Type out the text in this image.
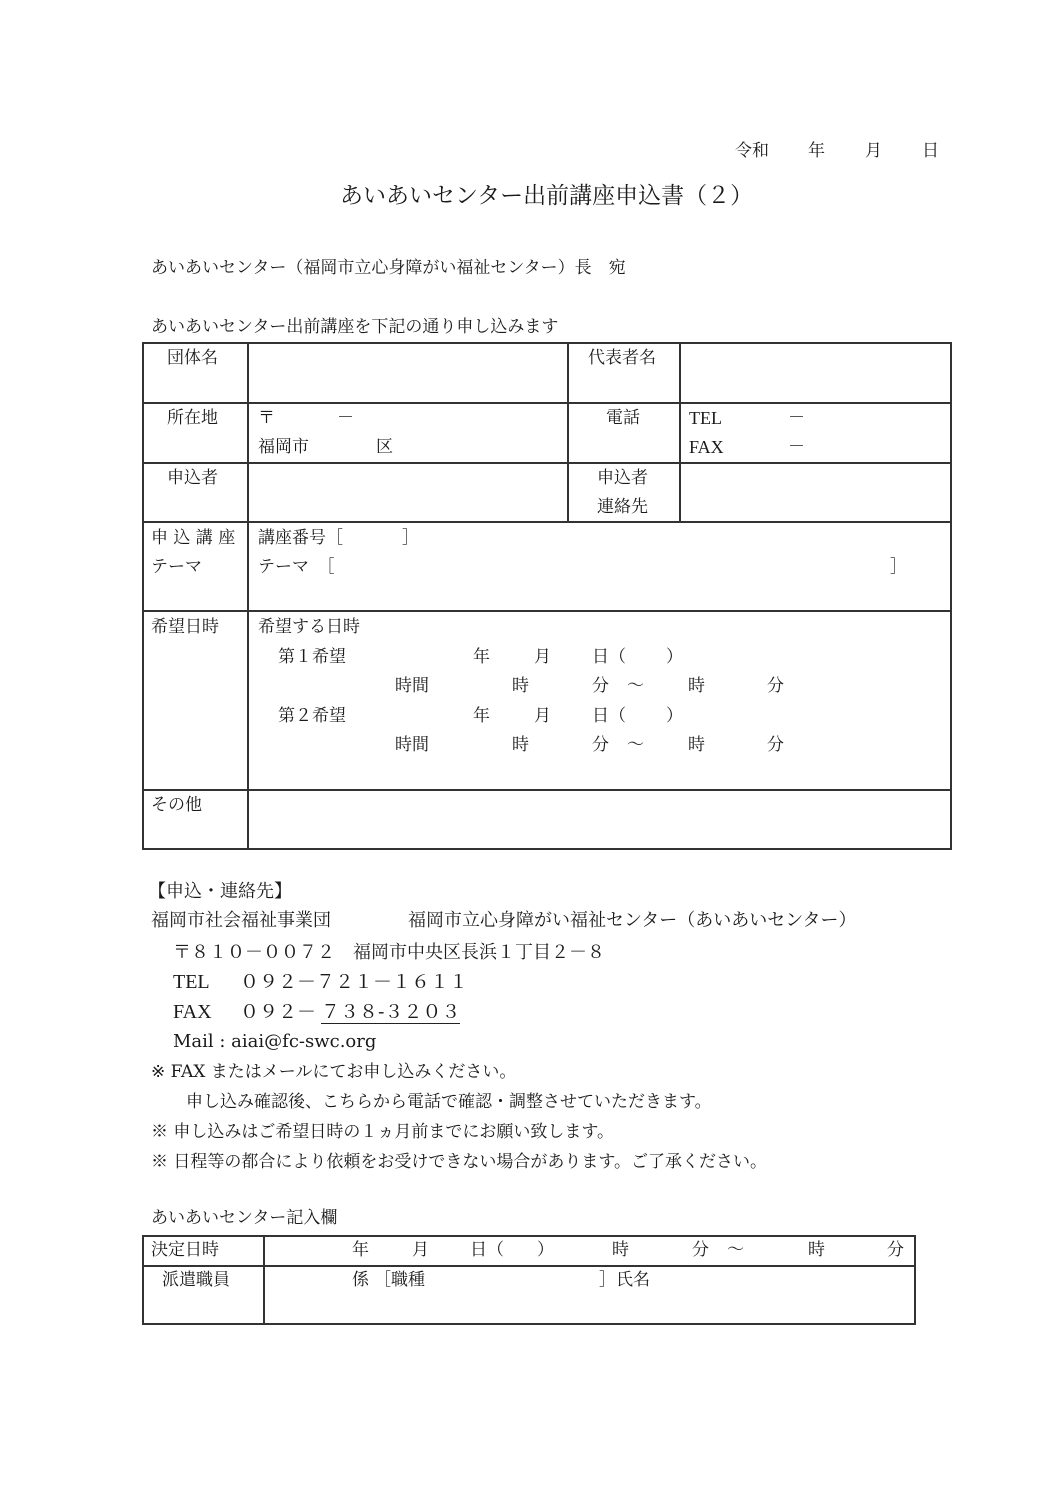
令和 年 月 日
あいあいセンター出前講座申込書（２）
あいあいセンター（福岡市立心身障がい福祉センター）長　宛
あいあいセンター出前講座を下記の通り申し込みます
団体名	代表者名
所在地 〒	－
福岡市	区
電話	TEL	－
FAX	－
申込者	申込者
連絡先
申 込 講 座
テーマ
講座番号［	］
テーマ　［	］
希望日時 希望する日時
第１希望	年	月 日（ ）
時間	時	分 ～	時	分
第２希望	年	月 日（ ）
時間	時	分 ～	時	分
その他
【申込・連絡先】
福岡市社会福祉事業団	福岡市立心身障がい福祉センター（あいあいセンター）
〒８１０－００７２　福岡市中央区長浜１丁目２－８
TEL ０９２－７２１－１６１１
FAX ０９２－ ７３８-３２０３
Mail : aiai@fc-swc.org
※ FAX またはメールにてお申し込みください。
申し込み確認後、こちらから電話で確認・調整させていただきます。
※ 申し込みはご希望日時の１ヵ月前までにお願い致します。
※ 日程等の都合により依頼をお受けできない場合があります。ご了承ください。
あいあいセンター記入欄
決定日時	年	月 日（ ）	時	分 ～	時	分
派遣職員	係 ［職種	］氏名
